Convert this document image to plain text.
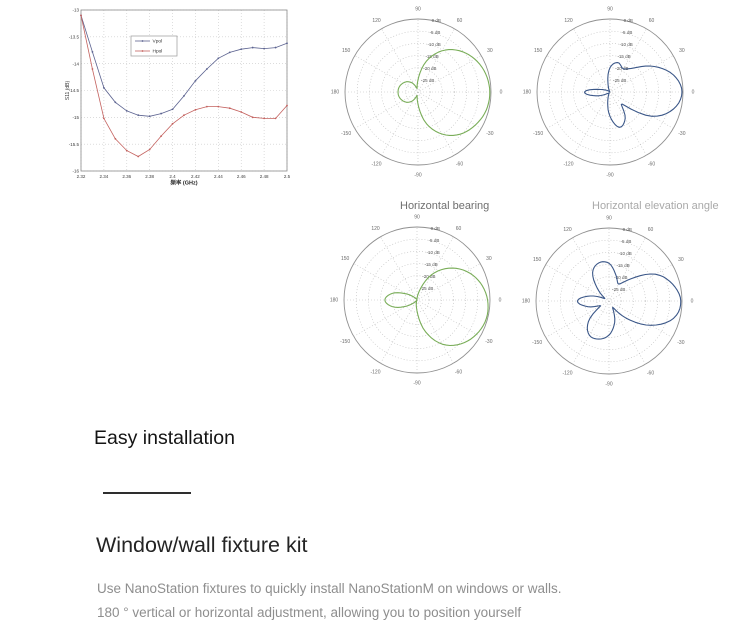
2.32	2.34	2.36	2.38	2.4	2.42	2.44	2.46	2.48	2.5
-13
-13.5
-14
-14.5
-15
-15.5
-16
S11 (dB)
频率 (GHz)
Vpol
Hpol
0
30
60
90
120
150
180
-150
-120
-90
-60
-30
0 dB
-5 dB
-10 dB
-15 dB
-20 dB
-25 dB
0
30
60
90
120
150
180
-150
-120
-90
-60
-30
0 dB
-5 dB
-10 dB
-15 dB
-20 dB
-25 dB
Horizontal bearing	Horizontal elevation angle
0
30
60
90
120
150
180
-150
-120
-90
-60
-30
0 dB
-5 dB
-10 dB
-15 dB
-20 dB
-25 dB
0
30
60
90
120
150
180
-150
-120
-90
-60
-30
0 dB
-5 dB
-10 dB
-15 dB
-20 dB
-25 dB
Easy installation
Window/wall fixture kit
Use NanoStation fixtures to quickly install NanoStationM on windows or walls.
180 ° vertical or horizontal adjustment, allowing you to position yourself
